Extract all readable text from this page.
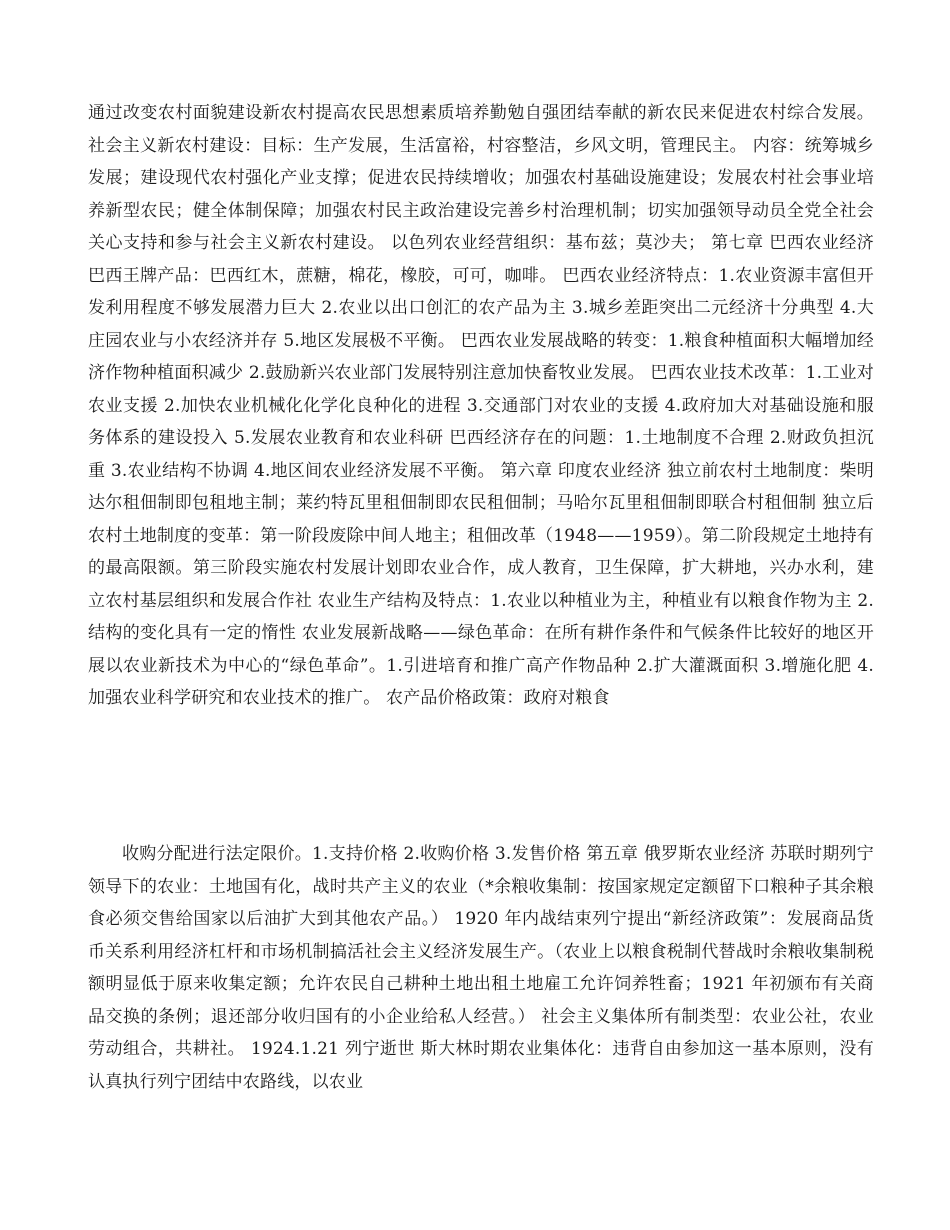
通过改变农村面貌建设新农村提高农民思想素质培养勤勉自强团结奉献的新农民来促进农村综合发展。 社会主义新农村建设：目标：生产发展，生活富裕，村容整洁，乡风文明，管理民主。 内容：统筹城乡发展；建设现代农村强化产业支撑；促进农民持续增收；加强农村基础设施建设；发展农村社会事业培养新型农民；健全体制保障；加强农村民主政治建设完善乡村治理机制；切实加强领导动员全党全社会关心支持和参与社会主义新农村建设。 以色列农业经营组织：基布兹；莫沙夫； 第七章 巴西农业经济 巴西王牌产品：巴西红木，蔗糖，棉花，橡胶，可可，咖啡。 巴西农业经济特点：1.农业资源丰富但开发利用程度不够发展潜力巨大 2.农业以出口创汇的农产品为主 3.城乡差距突出二元经济十分典型 4.大庄园农业与小农经济并存 5.地区发展极不平衡。 巴西农业发展战略的转变：1.粮食种植面积大幅增加经济作物种植面积减少 2.鼓励新兴农业部门发展特别注意加快畜牧业发展。 巴西农业技术改革：1.工业对农业支援 2.加快农业机械化化学化良种化的进程 3.交通部门对农业的支援 4.政府加大对基础设施和服务体系的建设投入 5.发展农业教育和农业科研 巴西经济存在的问题：1.土地制度不合理 2.财政负担沉重 3.农业结构不协调 4.地区间农业经济发展不平衡。 第六章 印度农业经济 独立前农村土地制度：柴明达尔租佃制即包租地主制；莱约特瓦里租佃制即农民租佃制；马哈尔瓦里租佃制即联合村租佃制 独立后农村土地制度的变革：第一阶段废除中间人地主；租佃改革（1948——1959）。第二阶段规定土地持有的最高限额。第三阶段实施农村发展计划即农业合作，成人教育，卫生保障，扩大耕地，兴办水利，建立农村基层组织和发展合作社 农业生产结构及特点：1.农业以种植业为主，种植业有以粮食作物为主 2.结构的变化具有一定的惰性 农业发展新战略——绿色革命：在所有耕作条件和气候条件比较好的地区开展以农业新技术为中心的“绿色革命”。1.引进培育和推广高产作物品种 2.扩大灌溉面积 3.增施化肥 4.加强农业科学研究和农业技术的推广。 农产品价格政策：政府对粮食

收购分配进行法定限价。1.支持价格 2.收购价格 3.发售价格 第五章 俄罗斯农业经济 苏联时期列宁领导下的农业：土地国有化，战时共产主义的农业（*余粮收集制：按国家规定定额留下口粮种子其余粮食必须交售给国家以后油扩大到其他农产品。） 1920 年内战结束列宁提出“新经济政策”：发展商品货币关系利用经济杠杆和市场机制搞活社会主义经济发展生产。（农业上以粮食税制代替战时余粮收集制税额明显低于原来收集定额；允许农民自己耕种土地出租土地雇工允许饲养牲畜；1921 年初颁布有关商品交换的条例；退还部分收归国有的小企业给私人经营。） 社会主义集体所有制类型：农业公社，农业劳动组合，共耕社。 1924.1.21 列宁逝世 斯大林时期农业集体化：违背自由参加这一基本原则，没有认真执行列宁团结中农路线，以农业
